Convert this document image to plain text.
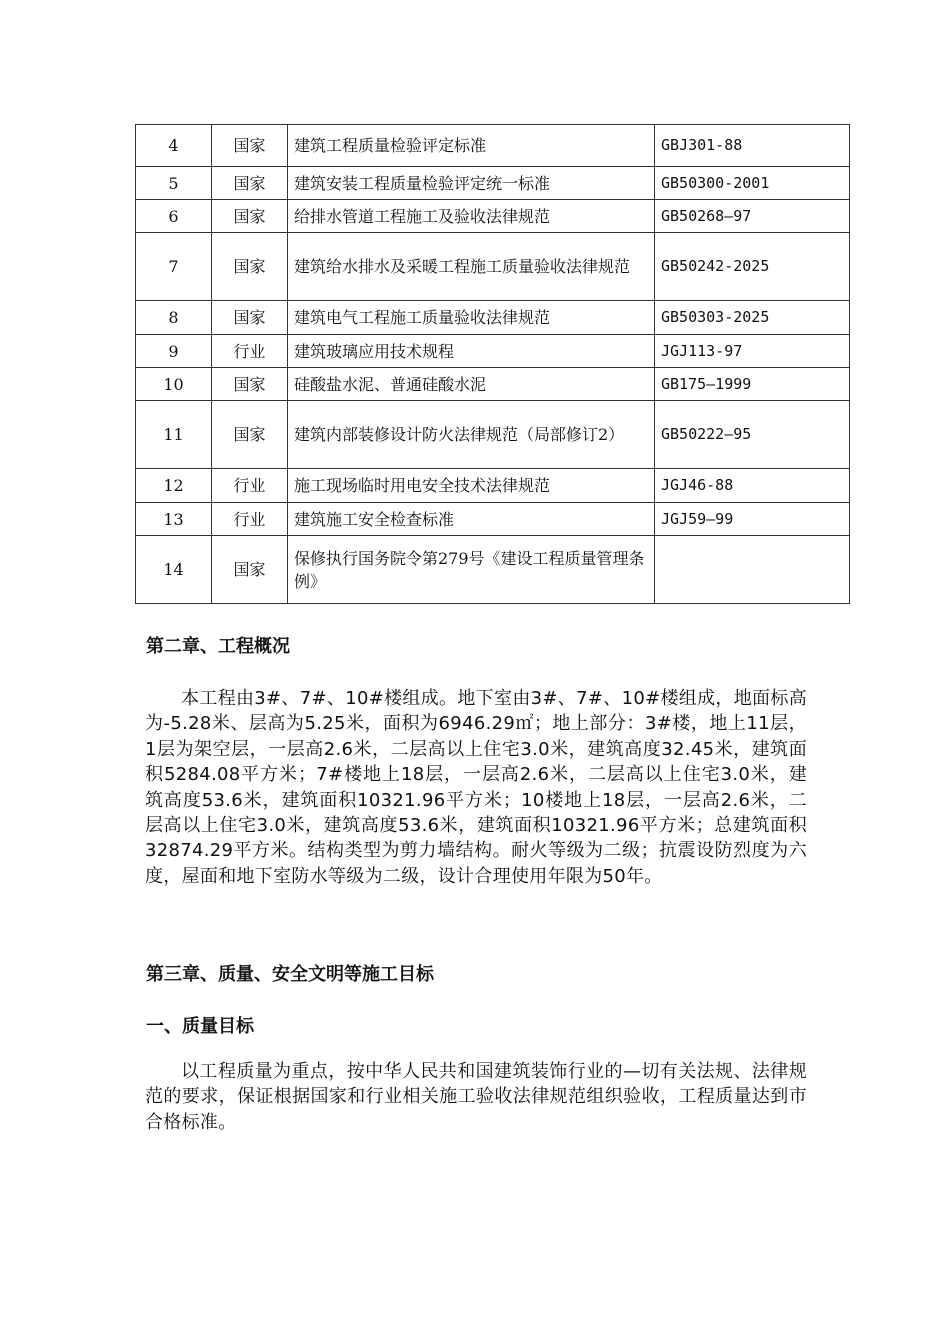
4	国家	建筑工程质量检验评定标准	GBJ301-88
5	国家	建筑安装工程质量检验评定统一标准	GB50300-2001
6	国家	给排水管道工程施工及验收法律规范	GB50268—97
7	国家	建筑给水排水及采暖工程施工质量验收法律规范	GB50242-2025
8	国家	建筑电气工程施工质量验收法律规范	GB50303-2025
9	行业	建筑玻璃应用技术规程	JGJ113-97
10	国家	硅酸盐水泥、普通硅酸水泥	GB175—1999
11	国家	建筑内部装修设计防火法律规范（局部修订2）	GB50222—95
12	行业	施工现场临时用电安全技术法律规范	JGJ46-88
13	行业	建筑施工安全检查标准	JGJ59—99
14	国家	保修执行国务院令第279号《建设工程质量管理条例》	
第二章、工程概况

本工程由3#、7#、10#楼组成。地下室由3#、7#、10#楼组成，地面标高为-5.28米、层高为5.25米，面积为6946.29㎡；地上部分：3#楼，地上11层，1层为架空层，一层高2.6米，二层高以上住宅3.0米，建筑高度32.45米，建筑面积5284.08平方米；7#楼地上18层，一层高2.6米，二层高以上住宅3.0米，建筑高度53.6米，建筑面积10321.96平方米；10楼地上18层，一层高2.6米，二层高以上住宅3.0米，建筑高度53.6米，建筑面积10321.96平方米；总建筑面积32874.29平方米。结构类型为剪力墙结构。耐火等级为二级；抗震设防烈度为六度，屋面和地下室防水等级为二级，设计合理使用年限为50年。

第三章、质量、安全文明等施工目标
一、质量目标

以工程质量为重点，按中华人民共和国建筑装饰行业的—切有关法规、法律规范的要求，保证根据国家和行业相关施工验收法律规范组织验收，工程质量达到市合格标准。
